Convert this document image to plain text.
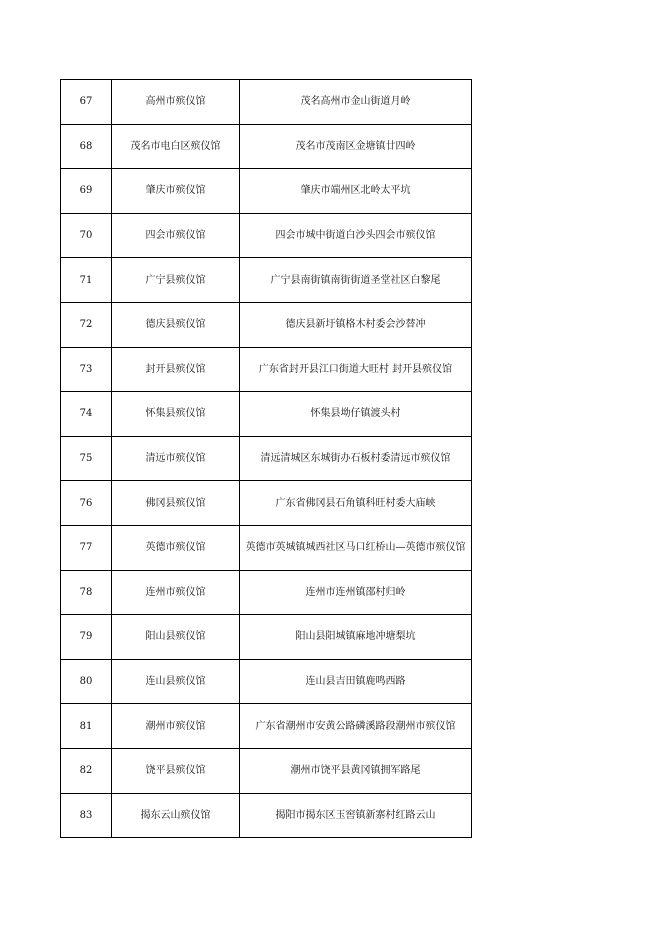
67	高州市殡仪馆	茂名高州市金山街道月岭
68	茂名市电白区殡仪馆	茂名市茂南区金塘镇廿四岭
69	肇庆市殡仪馆	肇庆市端州区北岭太平坑
70	四会市殡仪馆	四会市城中街道白沙头四会市殡仪馆
71	广宁县殡仪馆	广宁县南街镇南街街道圣堂社区白黎尾
72	德庆县殡仪馆	德庆县新圩镇格木村委会沙替冲
73	封开县殡仪馆	广东省封开县江口街道大旺村 封开县殡仪馆
74	怀集县殡仪馆	怀集县坳仔镇渡头村
75	清远市殡仪馆	清远清城区东城街办石板村委清远市殡仪馆
76	佛冈县殡仪馆	广东省佛冈县石角镇科旺村委大庙峡
77	英德市殡仪馆	英德市英城镇城西社区马口红桥山—英德市殡仪馆
78	连州市殡仪馆	连州市连州镇邵村归岭
79	阳山县殡仪馆	阳山县阳城镇麻地冲塘梨坑
80	连山县殡仪馆	连山县吉田镇鹿鸣西路
81	潮州市殡仪馆	广东省潮州市安黄公路磷溪路段潮州市殡仪馆
82	饶平县殡仪馆	潮州市饶平县黄冈镇拥军路尾
83	揭东云山殡仪馆	揭阳市揭东区玉窖镇新寨村红路云山
